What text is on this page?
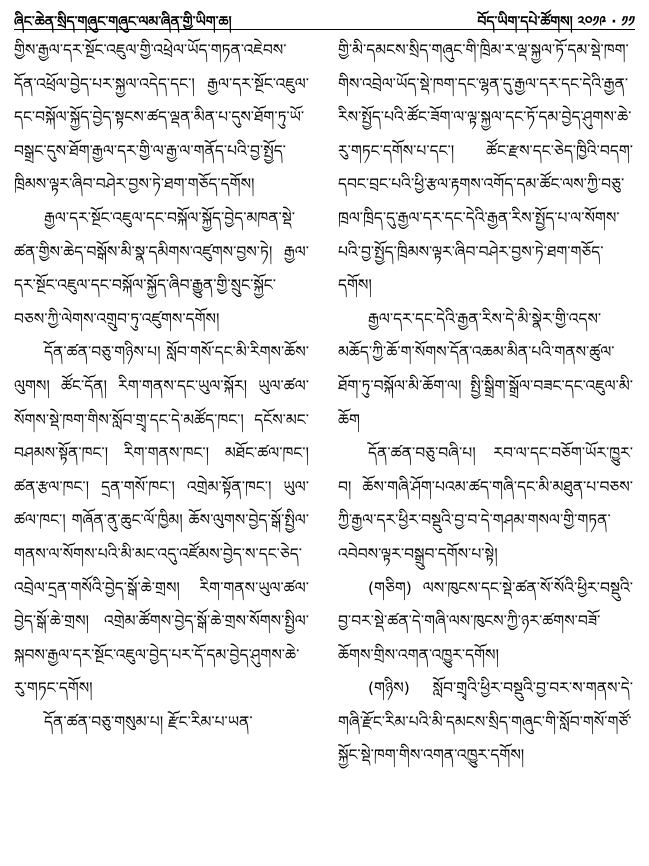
ཞིང་ཆེན་སྲིད་གཞུང་གཞུང་ལམ་ཞིན་གྱི་ཡིག་ཆ།	བོད་ཡིག་དཔེ་ཚོགས། ༢༠༡༩ · ༡༡

གྱིས་རྒྱལ་དར་སྔོང་འཇུལ་གྱི་འཕྲེལ་ཡོད་གཏན་འཇེབས་དོན་འཕྲོལ་བྱེད་པར་སྐྱལ་འདེད་དང་། རྒྱལ་དར་སྔོང་འཇུལ་དང་བསྐོལ་སྐྱོད་བྱེད་སྟངས་ཚད་ལྡན་མིན་པ་དུས་ཐོག་ཏུ་ཡོ་བསྒྲང་དུས་ཐོག་རྒྱལ་དར་གྱི་ལ་རྒྱ་ལ་གནོད་པའི་བྱ་སྤྱོད་ཁྲིམས་ལྟར་ཞིབ་བཤེར་བྱས་ཏེ་ཐག་གཅོད་དགོས།

རྒྱལ་དར་སྔོང་འཇུལ་དང་བསྐོལ་སྐྱོད་བྱེད་མཁན་སྡེ་ཚན་གྱིས་ཆེད་བསྒོས་མི་སྣ་དམིགས་འཛུགས་བྱས་ཏེ། རྒྱལ་དར་སྔོང་འཇུལ་དང་བསྐོལ་སྐྱོད་ཞིབ་རྒྱུན་གྱི་སྲུང་སྐྱོང་བཅས་ཀྱི་ལེགས་འགྲུབ་ཏུ་འཛུགས་དགོས།

དོན་ཚན་བཅུ་གཉིས་པ། སློབ་གསོ་དང་མི་རིགས་ཆོས་ལུགས། ཚོང་དོན། རིག་གནས་དང་ཡུལ་སྐོར། ཡུལ་ཚལ་སོགས་སྡེ་ཁག་གིས་སློབ་གྲྭ་དང་དེ་མཚོད་ཁང་། དངོས་མང་བཤམས་སྟོན་ཁང་། རིག་གནས་ཁང་། མཐོང་ཚལ་ཁང་། ཚན་རྩལ་ཁང་། དྲན་གསོ་ཁང་། འགྲེམ་སྟོན་ཁང་། ཡུལ་ཚལ་ཁང་། གཞོན་ནུ་ཆུང་ལོ་ཁྱིམ། ཆོས་ལུགས་བྱེད་སྒོ་སྤྱིལ་གནས་ལ་སོགས་པའི་མི་མང་འདུ་འཛོམས་བྱེད་ས་དང་ཅེད་འབྲེལ་དྲན་གསོའི་བྱེད་སྒོ་ཆེ་གྲས། རིག་གནས་ཡུལ་ཚལ་བྱེད་སྒོ་ཆེ་གྲས། འགྲེམ་ཚོགས་བྱེད་སྒོ་ཆེ་གྲས་སོགས་སྤྱིལ་སྐབས་རྒྱལ་དར་སྔོང་འཇུལ་བྱེད་པར་དོ་དམ་བྱེད་ཤུགས་ཆེ་རུ་གཏང་དགོས།

དོན་ཚན་བཅུ་གསུམ་པ། རྫོང་རིམ་པ་ཡན་

གྱི་མི་དམངས་སྲིད་གཞུང་གི་ཁྲིམ་ར་ལྡ་སྐྱལ་ཏོ་དམ་སྡེ་ཁག་གིས་འབྲེལ་ཡོད་སྡེ་ཁག་དང་ལྷན་དུ་རྒྱལ་དར་དང་དེའི་རྒྱན་རིས་སྤྱོད་པའི་ཚོང་ཟོག་ལ་ལྟ་སྐྱལ་དང་ཏོ་དམ་བྱེད་ཤུགས་ཆེ་རུ་གཏང་དགོས་པ་དང་། ཚོང་རྫས་དང་ཅེད་ཁྱིའི་བདག་དབང་བྲང་པའི་ཕྱི་རྩལ་རྟགས་འགོད་དམ་ཚོང་ལས་ཀྱི་བཅུ་ཁྲལ་ཁྲིད་དུ་རྒྱལ་དར་དང་དེའི་རྒྱན་རིས་སྤྱོད་པ་ལ་སོགས་པའི་བྱ་སྤྱོད་ཁྲིམས་ལྟར་ཞིབ་བཤེར་བྱས་ཏེ་ཐག་གཅོད་དགོས།

རྒྱལ་དར་དང་དེའི་རྒྱན་རིས་དེ་མི་སྣེར་གྱི་འདས་མཆོད་ཀྱི་ཆོ་ག་སོགས་དོན་འཆམ་མིན་པའི་གནས་ཚུལ་ཐོག་ཏུ་བསྐོལ་མི་ཆོག་ལ། སྤྱི་སྒྲིག་སྒྲོལ་བཟང་དང་འཇུལ་མི་ཆོག

དོན་ཚན་བཅུ་བཞི་པ། རབ་ལ་དང་བཅོག་ཡོར་ཁྱུར་བ། ཆོས་གཞི་ཤོག་པའམ་ཚད་གཞི་དང་མི་མཐུན་པ་བཅས་ཀྱི་རྒྱལ་དར་ཕྱིར་བསྡུའི་བྱ་བ་དེ་གཤམ་གསལ་གྱི་གཏན་འབེབས་ལྟར་བསྒྲུབ་དགོས་པ་སྟེ།

(གཅིག) ལས་ཁུངས་དང་སྡེ་ཚན་སོ་སོའི་ཕྱིར་བསྡུའི་བྱ་བར་སྡེ་ཚན་དེ་གཞི་ལས་ཁུངས་ཀྱི་ཉར་ཚགས་བཟོ་ཆོགས་གྲིས་འགན་འཁྱུར་དགོས།

(གཉིས) སློབ་གྲྭའི་ཕྱིར་བསྡུའི་བྱ་བར་ས་གནས་དེ་གཞི་རྫོང་རིམ་པའི་མི་དམངས་སྲིད་གཞུང་གི་སློབ་གསོ་གཙོ་སྐྱོང་སྡེ་ཁག་གིས་འགན་འཁྱུར་དགོས།
